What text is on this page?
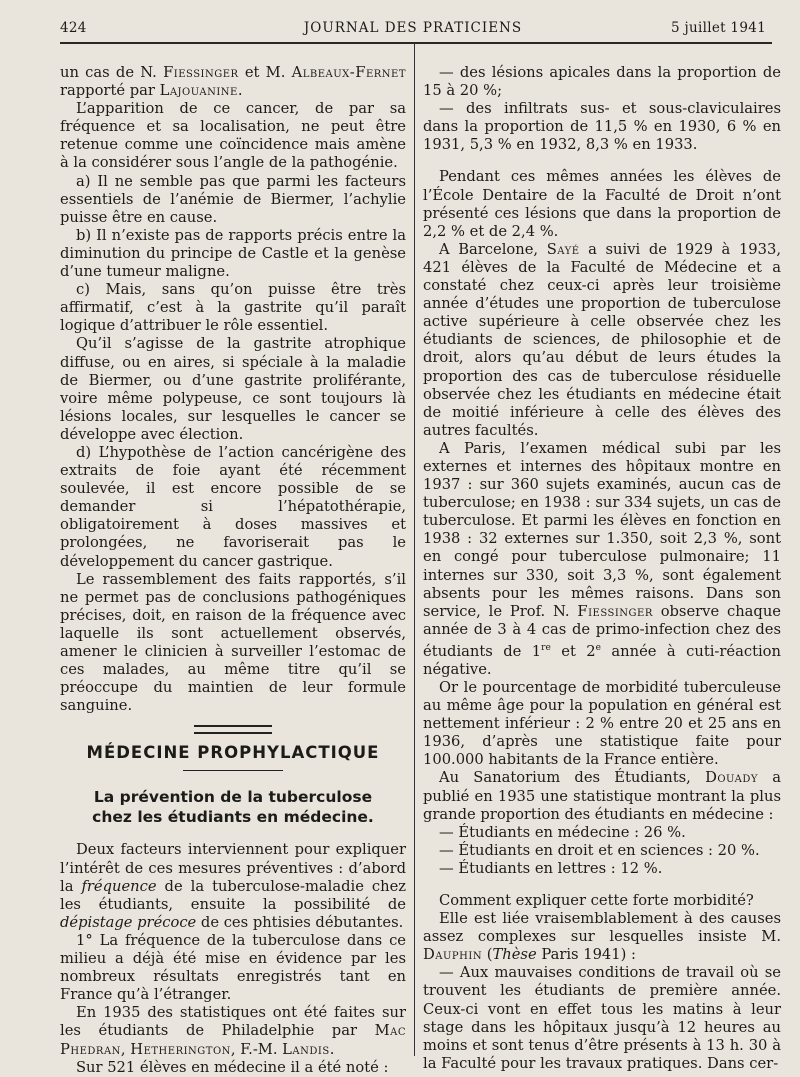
424	JOURNAL DES PRATICIENS	5 juillet 1941

un cas de N. Fiessinger et M. Albeaux-Fernet rapporté par Lajouanine.

L’apparition de ce cancer, de par sa fréquence et sa localisation, ne peut être retenue comme une coïncidence mais amène à la considérer sous l’angle de la pathogénie.

a) Il ne semble pas que parmi les facteurs essentiels de l’anémie de Biermer, l’achylie puisse être en cause.

b) Il n’existe pas de rapports précis entre la diminution du principe de Castle et la genèse d’une tumeur maligne.

c) Mais, sans qu’on puisse être très affirmatif, c’est à la gastrite qu’il paraît logique d’attribuer le rôle essentiel.

Qu’il s’agisse de la gastrite atrophique diffuse, ou en aires, si spéciale à la maladie de Biermer, ou d’une gastrite proliférante, voire même polypeuse, ce sont toujours là lésions locales, sur lesquelles le cancer se développe avec élection.

d) L’hypothèse de l’action cancérigène des extraits de foie ayant été récemment soulevée, il est encore possible de se demander si l’hépatothérapie, obligatoirement à doses massives et prolongées, ne favoriserait pas le développement du cancer gastrique.

Le rassemblement des faits rapportés, s’il ne permet pas de conclusions pathogéniques précises, doit, en raison de la fréquence avec laquelle ils sont actuellement observés, amener le clinicien à surveiller l’estomac de ces malades, au même titre qu’il se préoccupe du maintien de leur formule sanguine.

MÉDECINE PROPHYLACTIQUE
La prévention de la tuberculose
chez les étudiants en médecine.

Deux facteurs interviennent pour expliquer l’intérêt de ces mesures préventives : d’abord la fréquence de la tuberculose-maladie chez les étudiants, ensuite la possibilité de dépistage précoce de ces phtisies débutantes.

1° La fréquence de la tuberculose dans ce milieu a déjà été mise en évidence par les nombreux résultats enregistrés tant en France qu’à l’étranger.

En 1935 des statistiques ont été faites sur les étudiants de Philadelphie par Mac Phedran, Hetherington, F.-M. Landis.

Sur 521 élèves en médecine il a été noté :

— des lésions apicales dans la proportion de 15 à 20 %;

— des infiltrats sus- et sous-claviculaires dans la proportion de 11,5 % en 1930, 6 % en 1931, 5,3 % en 1932, 8,3 % en 1933.

Pendant ces mêmes années les élèves de l’École Dentaire de la Faculté de Droit n’ont présenté ces lésions que dans la proportion de 2,2 % et de 2,4 %.

A Barcelone, Sayé a suivi de 1929 à 1933, 421 élèves de la Faculté de Médecine et a constaté chez ceux-ci après leur troisième année d’études une proportion de tuberculose active supérieure à celle observée chez les étudiants de sciences, de philosophie et de droit, alors qu’au début de leurs études la proportion des cas de tuberculose résiduelle observée chez les étudiants en médecine était de moitié inférieure à celle des élèves des autres facultés.

A Paris, l’examen médical subi par les externes et internes des hôpitaux montre en 1937 : sur 360 sujets examinés, aucun cas de tuberculose; en 1938 : sur 334 sujets, un cas de tuberculose. Et parmi les élèves en fonction en 1938 : 32 externes sur 1.350, soit 2,3 %, sont en congé pour tuberculose pulmonaire; 11 internes sur 330, soit 3,3 %, sont également absents pour les mêmes raisons. Dans son service, le Prof. N. Fiessinger observe chaque année de 3 à 4 cas de primo-infection chez des étudiants de 1re et 2e année à cuti-réaction négative.

Or le pourcentage de morbidité tuberculeuse au même âge pour la population en général est nettement inférieur : 2 % entre 20 et 25 ans en 1936, d’après une statistique faite pour 100.000 habitants de la France entière.

Au Sanatorium des Étudiants, Douady a publié en 1935 une statistique montrant la plus grande proportion des étudiants en médecine :

— Étudiants en médecine : 26 %.

— Étudiants en droit et en sciences : 20 %.

— Étudiants en lettres : 12 %.

Comment expliquer cette forte morbidité?

Elle est liée vraisemblablement à des causes assez complexes sur lesquelles insiste M. Dauphin (Thèse Paris 1941) :

— Aux mauvaises conditions de travail où se trouvent les étudiants de première année. Ceux-ci vont en effet tous les matins à leur stage dans les hôpitaux jusqu’à 12 heures au moins et sont tenus d’être présents à 13 h. 30 à la Faculté pour les travaux pratiques. Dans cer-
